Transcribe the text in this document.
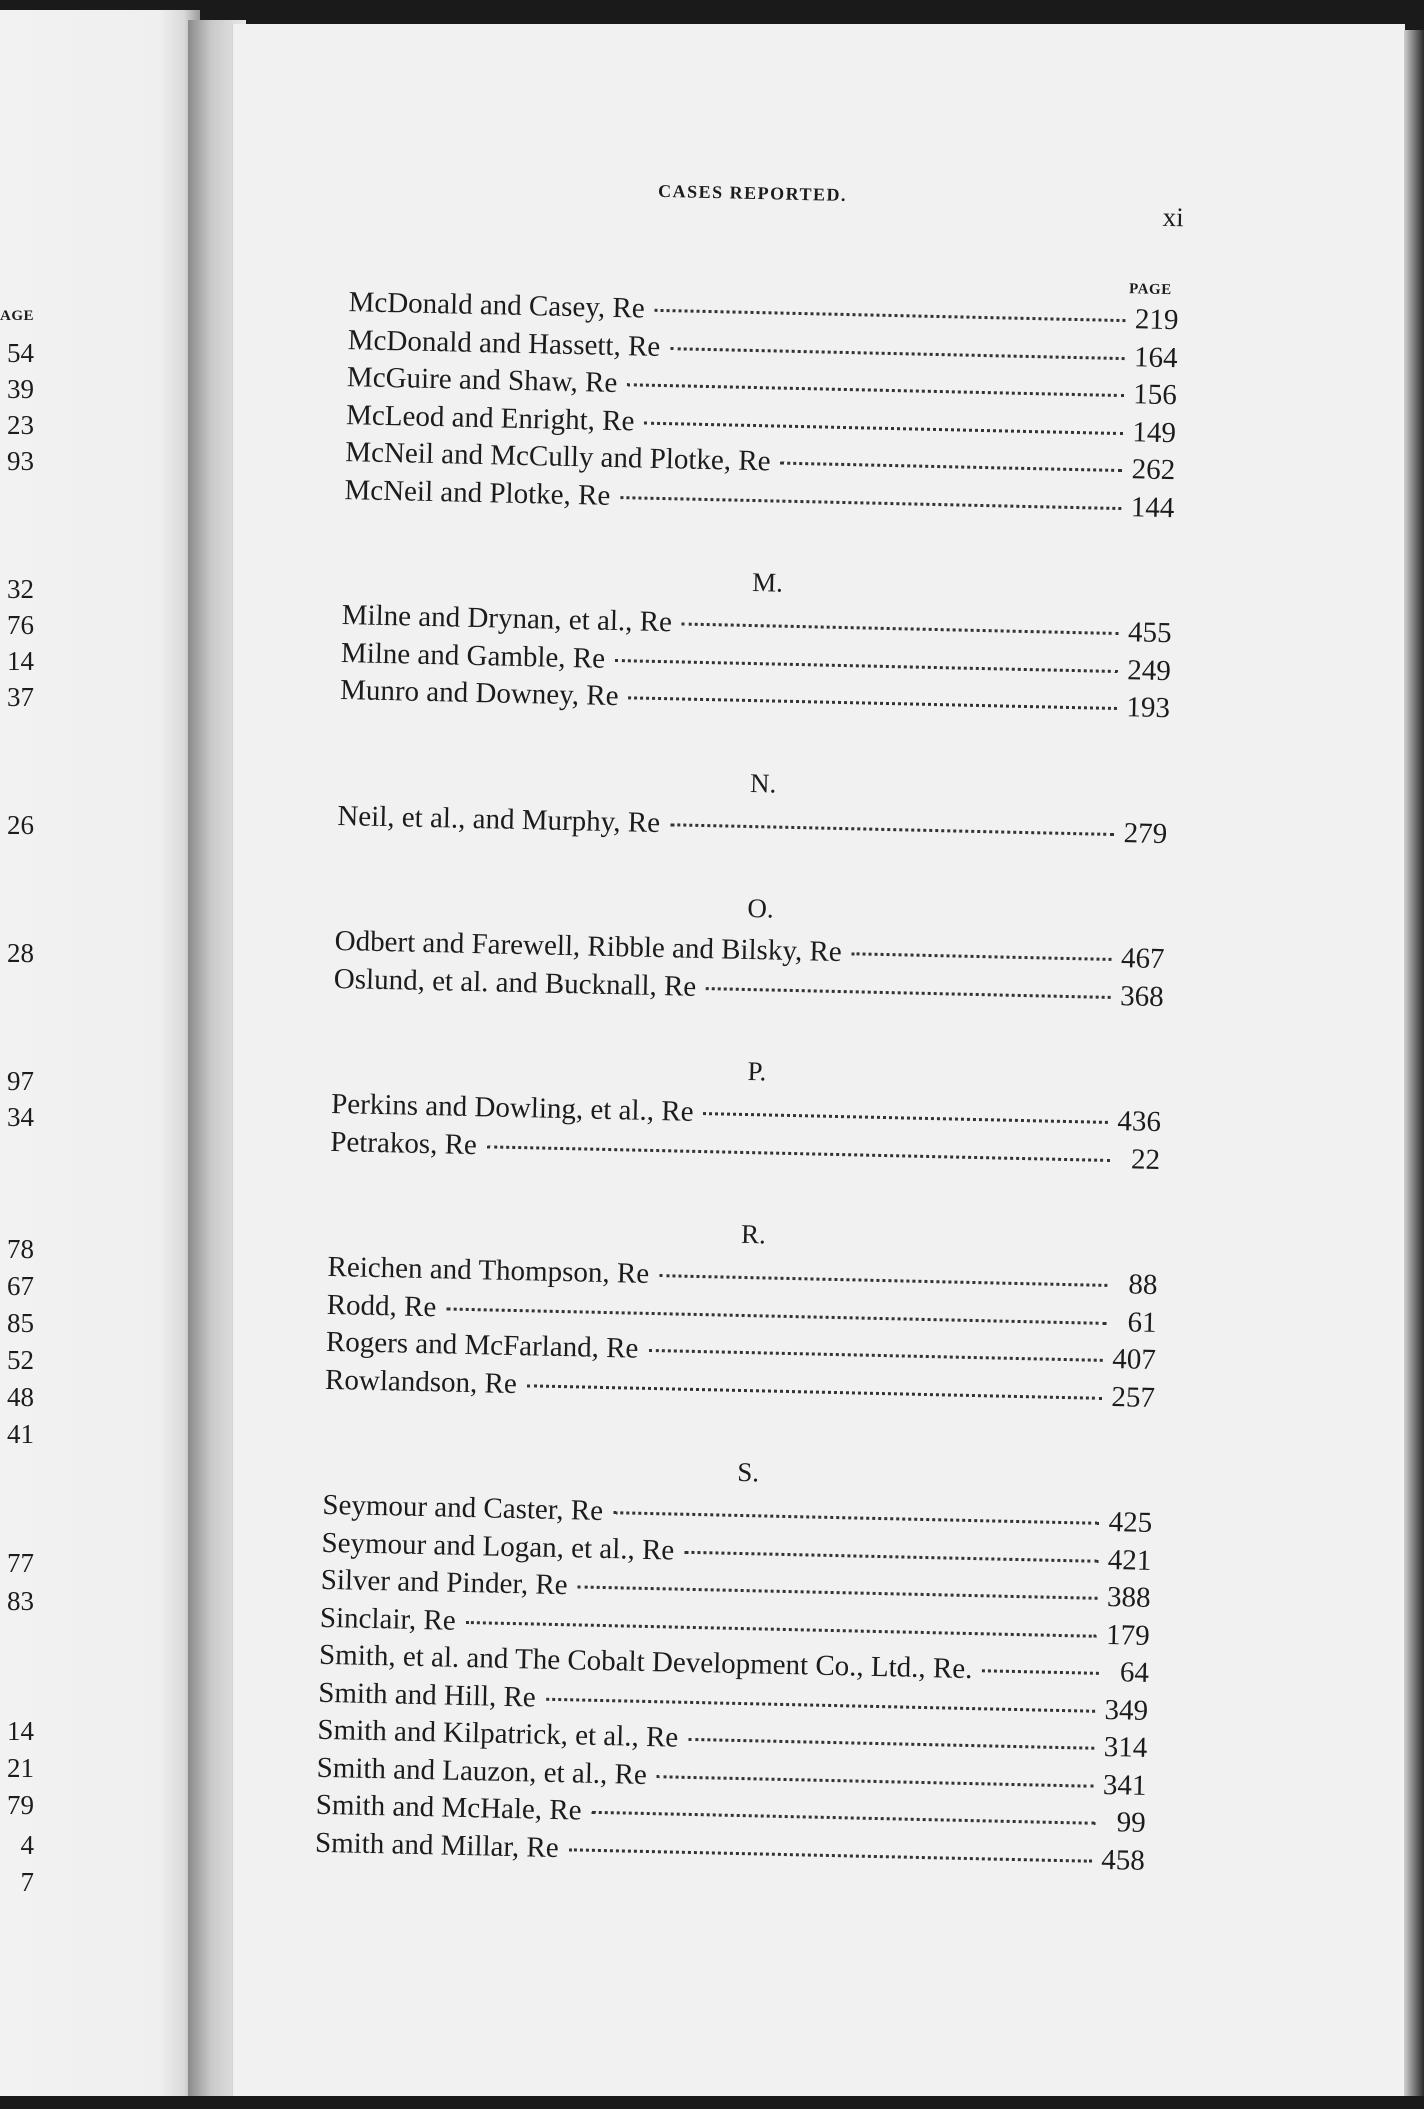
AGE
54
39
23
93
32
76
14
37
26
28
97
34
78
67
85
52
48
41
77
83
14
21
79
4
7
CASES REPORTED.
xi
PAGE
McDonald and Casey, Re	219
McDonald and Hassett, Re	164
McGuire and Shaw, Re	156
McLeod and Enright, Re	149
McNeil and McCully and Plotke, Re	262
McNeil and Plotke, Re	144
M.
Milne and Drynan, et al., Re	455
Milne and Gamble, Re	249
Munro and Downey, Re	193
N.
Neil, et al., and Murphy, Re	279
O.
Odbert and Farewell, Ribble and Bilsky, Re	467
Oslund, et al. and Bucknall, Re	368
P.
Perkins and Dowling, et al., Re	436
Petrakos, Re	22
R.
Reichen and Thompson, Re	88
Rodd, Re	61
Rogers and McFarland, Re	407
Rowlandson, Re	257
S.
Seymour and Caster, Re	425
Seymour and Logan, et al., Re	421
Silver and Pinder, Re	388
Sinclair, Re	179
Smith, et al. and The Cobalt Development Co., Ltd., Re.	64
Smith and Hill, Re	349
Smith and Kilpatrick, et al., Re	314
Smith and Lauzon, et al., Re	341
Smith and McHale, Re	99
Smith and Millar, Re	458
